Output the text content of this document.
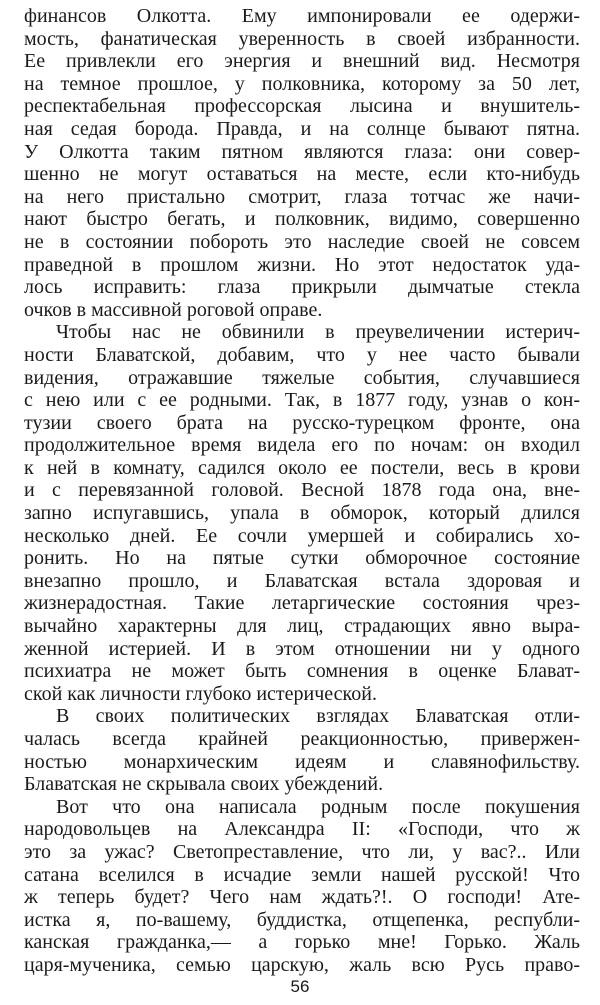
финансов Олкотта. Ему импонировали ее одержи-
мость, фанатическая уверенность в своей избранности.
Ее привлекли его энергия и внешний вид. Несмотря
на темное прошлое, у полковника, которому за 50 лет,
респектабельная профессорская лысина и внушитель-
ная седая борода. Правда, и на солнце бывают пятна.
У Олкотта таким пятном являются глаза: они совер-
шенно не могут оставаться на месте, если кто-нибудь
на него пристально смотрит, глаза тотчас же начи-
нают быстро бегать, и полковник, видимо, совершенно
не в состоянии побороть это наследие своей не совсем
праведной в прошлом жизни. Но этот недостаток уда-
лось исправить: глаза прикрыли дымчатые стекла
очков в массивной роговой оправе.
Чтобы нас не обвинили в преувеличении истерич-
ности Блаватской, добавим, что у нее часто бывали
видения, отражавшие тяжелые события, случавшиеся
с нею или с ее родными. Так, в 1877 году, узнав о кон-
тузии своего брата на русско-турецком фронте, она
продолжительное время видела его по ночам: он входил
к ней в комнату, садился около ее постели, весь в крови
и с перевязанной головой. Весной 1878 года она, вне-
запно испугавшись, упала в обморок, который длился
несколько дней. Ее сочли умершей и собирались хо-
ронить. Но на пятые сутки обморочное состояние
внезапно прошло, и Блаватская встала здоровая и
жизнерадостная. Такие летаргические состояния чрез-
вычайно характерны для лиц, страдающих явно выра-
женной истерией. И в этом отношении ни у одного
психиатра не может быть сомнения в оценке Блават-
ской как личности глубоко истерической.
В своих политических взглядах Блаватская отли-
чалась всегда крайней реакционностью, привержен-
ностью монархическим идеям и славянофильству.
Блаватская не скрывала своих убеждений.
Вот что она написала родным после покушения
народовольцев на Александра II: «Господи, что ж
это за ужас? Светопреставление, что ли, у вас?.. Или
сатана вселился в исчадие земли нашей русской! Что
ж теперь будет? Чего нам ждать?!. О господи! Ате-
истка я, по-вашему, буддистка, отщепенка, республи-
канская гражданка,— а горько мне! Горько. Жаль
царя-мученика, семью царскую, жаль всю Русь право-
56
